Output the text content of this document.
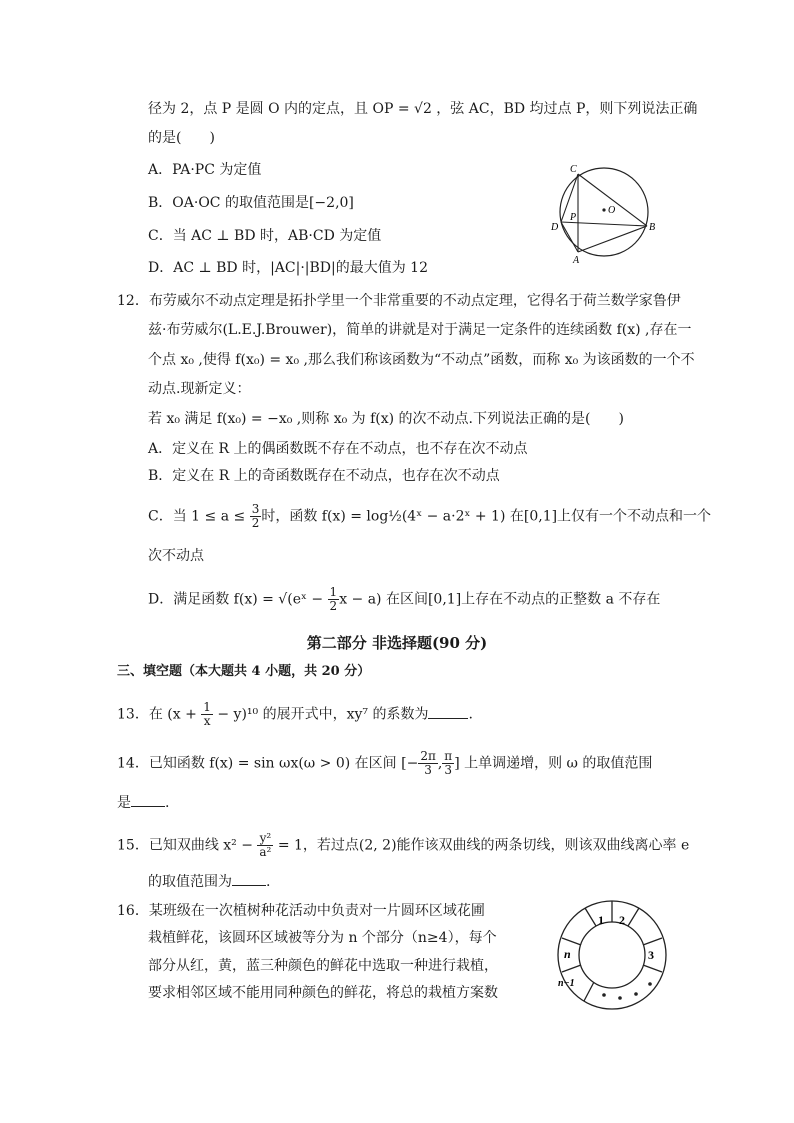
径为 2，点 P 是圆 O 内的定点，且 OP = √2 ，弦 AC，BD 均过点 P，则下列说法正确
的是(　　)
A．PA·PC 为定值
B．OA·OC 的取值范围是[−2,0]
C．当 AC ⊥ BD 时，AB·CD 为定值
D．AC ⊥ BD 时，|AC|·|BD|的最大值为 12
C
O
P
D	B
A
12．布劳威尔不动点定理是拓扑学里一个非常重要的不动点定理，它得名于荷兰数学家鲁伊
兹·布劳威尔(L.E.J.Brouwer)，简单的讲就是对于满足一定条件的连续函数 f(x) ,存在一
个点 x₀ ,使得 f(x₀) = x₀ ,那么我们称该函数为“不动点”函数，而称 x₀ 为该函数的一个不
动点.现新定义：
若 x₀ 满足 f(x₀) = −x₀ ,则称 x₀ 为 f(x) 的次不动点.下列说法正确的是(　　)
A．定义在 R 上的偶函数既不存在不动点，也不存在次不动点
B．定义在 R 上的奇函数既存在不动点，也存在次不动点
C．当 $1 \le a \le \frac{3}{2}$ 时，函数 f(x) = log½(4ˣ − a·2ˣ + 1) 在[0,1]上仅有一个不动点和一个
次不动点
D．满足函数 f(x) = √(eˣ − $\frac{1}{2}$ x − a) 在区间[0,1]上存在不动点的正整数 a 不存在
第二部分 非选择题(90 分)
三、填空题（本大题共 4 小题，共 20 分）
13．在 $(x + \frac{1}{x} - y)^{10}$ 的展开式中，xy⁷ 的系数为	.
14．已知函数 f(x) = sin ωx(ω > 0) 在区间 [− $\frac{2\pi}{3}$ , $\frac{\pi}{3}$ ] 上单调递增，则 ω 的取值范围
是 .
15．已知双曲线 $x^2 - \frac{\text{y²}}{\text{a²}} = 1$，若过点(2, 2)能作该双曲线的两条切线，则该双曲线离心率 e
的取值范围为 .
16．某班级在一次植树种花活动中负责对一片圆环区域花圃
栽植鲜花，该圆环区域被等分为 n 个部分（n≥4），每个
部分从红，黄，蓝三种颜色的鲜花中选取一种进行栽植，
要求相邻区域不能用同种颜色的鲜花，将总的栽植方案数
1 2
3
n
n−1
